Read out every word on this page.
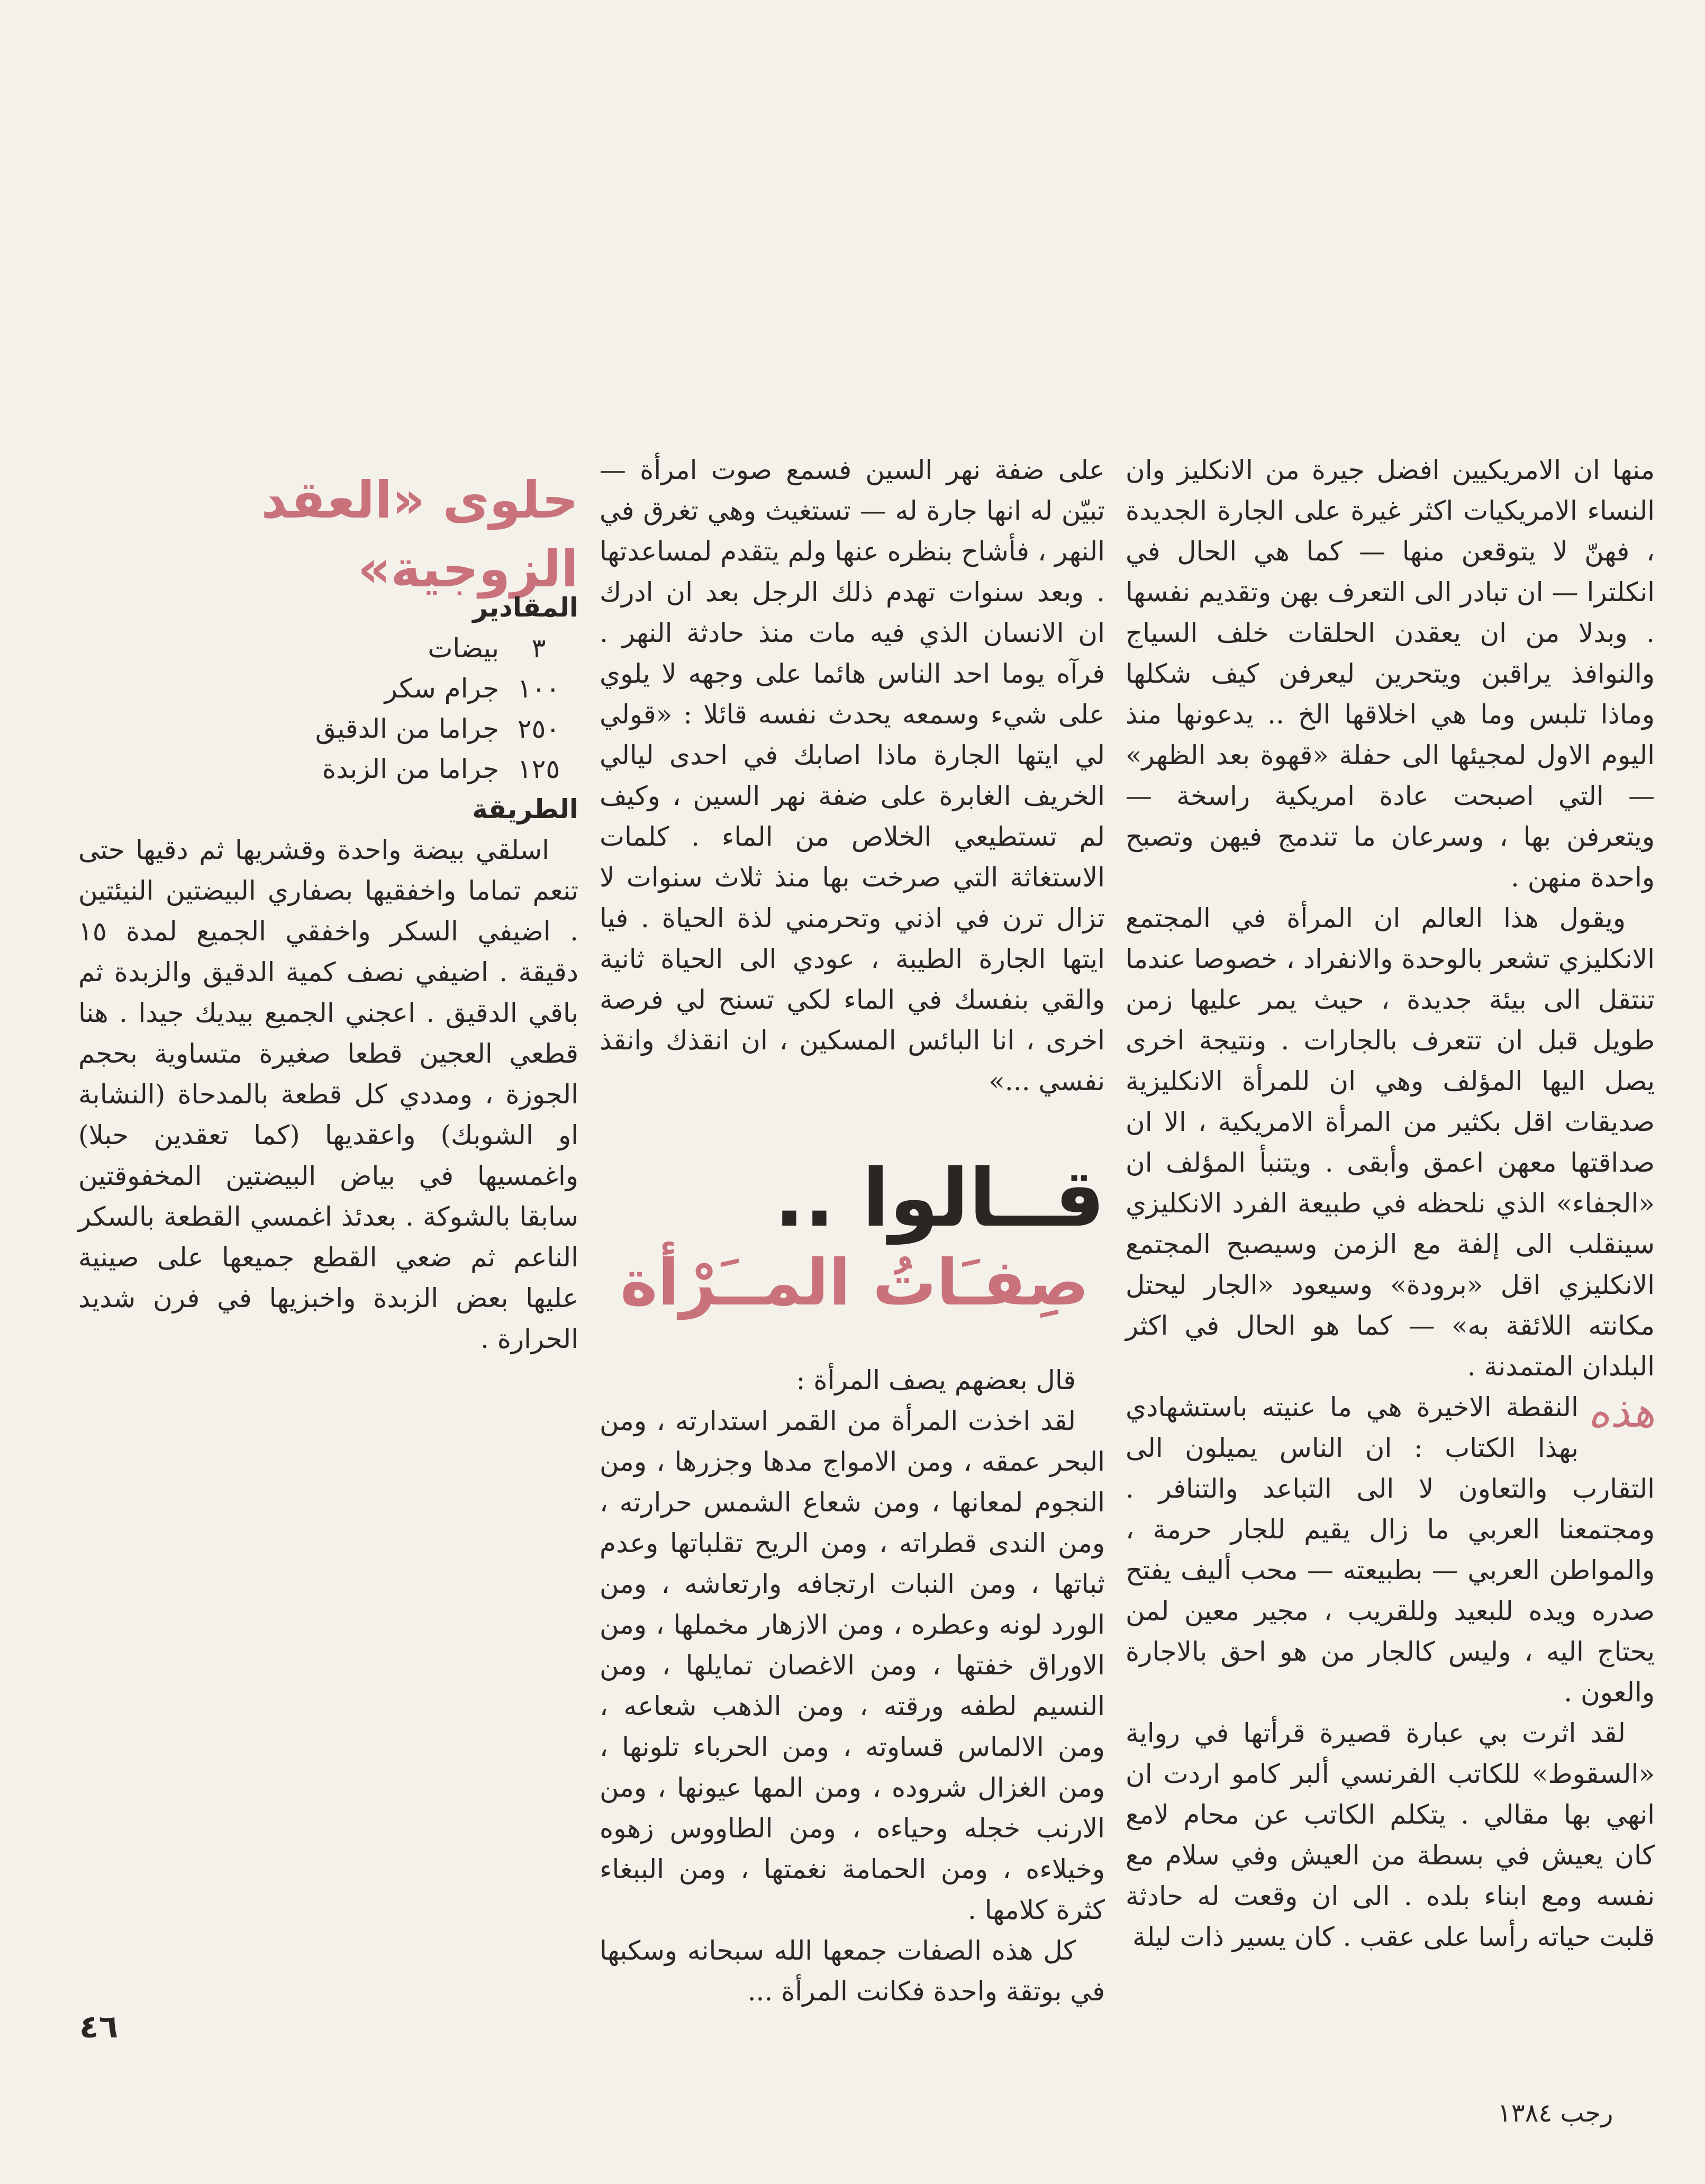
منها ان الامريكيين افضل جيرة من الانكليز وان النساء الامريكيات اكثر غيرة على الجارة الجديدة ، فهنّ لا يتوقعن منها — كما هي الحال في انكلترا — ان تبادر الى التعرف بهن وتقديم نفسها . وبدلا من ان يعقدن الحلقات خلف السياج والنوافذ يراقبن ويتحرين ليعرفن كيف شكلها وماذا تلبس وما هي اخلاقها الخ .. يدعونها منذ اليوم الاول لمجيئها الى حفلة «قهوة بعد الظهر» — التي اصبحت عادة امريكية راسخة — ويتعرفن بها ، وسرعان ما تندمج فيهن وتصبح واحدة منهن .

ويقول هذا العالم ان المرأة في المجتمع الانكليزي تشعر بالوحدة والانفراد ، خصوصا عندما تنتقل الى بيئة جديدة ، حيث يمر عليها زمن طويل قبل ان تتعرف بالجارات . ونتيجة اخرى يصل اليها المؤلف وهي ان للمرأة الانكليزية صديقات اقل بكثير من المرأة الامريكية ، الا ان صداقتها معهن اعمق وأبقى . ويتنبأ المؤلف ان «الجفاء» الذي نلحظه في طبيعة الفرد الانكليزي سينقلب الى إلفة مع الزمن وسيصبح المجتمع الانكليزي اقل «برودة» وسيعود «الجار ليحتل مكانته اللائقة به» — كما هو الحال في اكثر البلدان المتمدنة .

هذه
النقطة الاخيرة هي ما عنيته باستشهادي بهذا الكتاب : ان الناس يميلون الى التقارب والتعاون لا الى التباعد والتنافر . ومجتمعنا العربي ما زال يقيم للجار حرمة ، والمواطن العربي — بطبيعته — محب أليف يفتح صدره ويده للبعيد وللقريب ، مجير معين لمن يحتاج اليه ، وليس كالجار من هو احق بالاجارة والعون .

لقد اثرت بي عبارة قصيرة قرأتها في رواية «السقوط» للكاتب الفرنسي ألبر كامو اردت ان انهي بها مقالي . يتكلم الكاتب عن محام لامع كان يعيش في بسطة من العيش وفي سلام مع نفسه ومع ابناء بلده . الى ان وقعت له حادثة قلبت حياته رأسا على عقب . كان يسير ذات ليلة

على ضفة نهر السين فسمع صوت امرأة — تبيّن له انها جارة له — تستغيث وهي تغرق في النهر ، فأشاح بنظره عنها ولم يتقدم لمساعدتها . وبعد سنوات تهدم ذلك الرجل بعد ان ادرك ان الانسان الذي فيه مات منذ حادثة النهر . فرآه يوما احد الناس هائما على وجهه لا يلوي على شيء وسمعه يحدث نفسه قائلا : «قولي لي ايتها الجارة ماذا اصابك في احدى ليالي الخريف الغابرة على ضفة نهر السين ، وكيف لم تستطيعي الخلاص من الماء . كلمات الاستغاثة التي صرخت بها منذ ثلاث سنوات لا تزال ترن في اذني وتحرمني لذة الحياة . فيا ايتها الجارة الطيبة ، عودي الى الحياة ثانية والقي بنفسك في الماء لكي تسنح لي فرصة اخرى ، انا البائس المسكين ، ان انقذك وانقذ نفسي ...»

قــالوا ..
صِفـَاتُ المــَرْأة

قال بعضهم يصف المرأة :

لقد اخذت المرأة من القمر استدارته ، ومن البحر عمقه ، ومن الامواج مدها وجزرها ، ومن النجوم لمعانها ، ومن شعاع الشمس حرارته ، ومن الندى قطراته ، ومن الريح تقلباتها وعدم ثباتها ، ومن النبات ارتجافه وارتعاشه ، ومن الورد لونه وعطره ، ومن الازهار مخملها ، ومن الاوراق خفتها ، ومن الاغصان تمايلها ، ومن النسيم لطفه ورقته ، ومن الذهب شعاعه ، ومن الالماس قساوته ، ومن الحرباء تلونها ، ومن الغزال شروده ، ومن المها عيونها ، ومن الارنب خجله وحياءه ، ومن الطاووس زهوه وخيلاءه ، ومن الحمامة نغمتها ، ومن الببغاء كثرة كلامها .

كل هذه الصفات جمعها الله سبحانه وسكبها في بوتقة واحدة فكانت المرأة ...

حلوى «العقد الزوجية»

المقادير

٣
بيضات
١٠٠
جرام سكر
٢٥٠
جراما من الدقيق
١٢٥
جراما من الزبدة

الطريقة

اسلقي بيضة واحدة وقشريها ثم دقيها حتى تنعم تماما واخفقيها بصفاري البيضتين النيئتين . اضيفي السكر واخفقي الجميع لمدة ١٥ دقيقة . اضيفي نصف كمية الدقيق والزبدة ثم باقي الدقيق . اعجني الجميع بيديك جيدا . هنا قطعي العجين قطعا صغيرة متساوية بحجم الجوزة ، ومددي كل قطعة بالمدحاة (النشابة او الشوبك) واعقديها (كما تعقدين حبلا) واغمسيها في بياض البيضتين المخفوقتين سابقا بالشوكة . بعدئذ اغمسي القطعة بالسكر الناعم ثم ضعي القطع جميعها على صينية عليها بعض الزبدة واخبزيها في فرن شديد الحرارة .

٤٦
رجب ١٣٨٤
